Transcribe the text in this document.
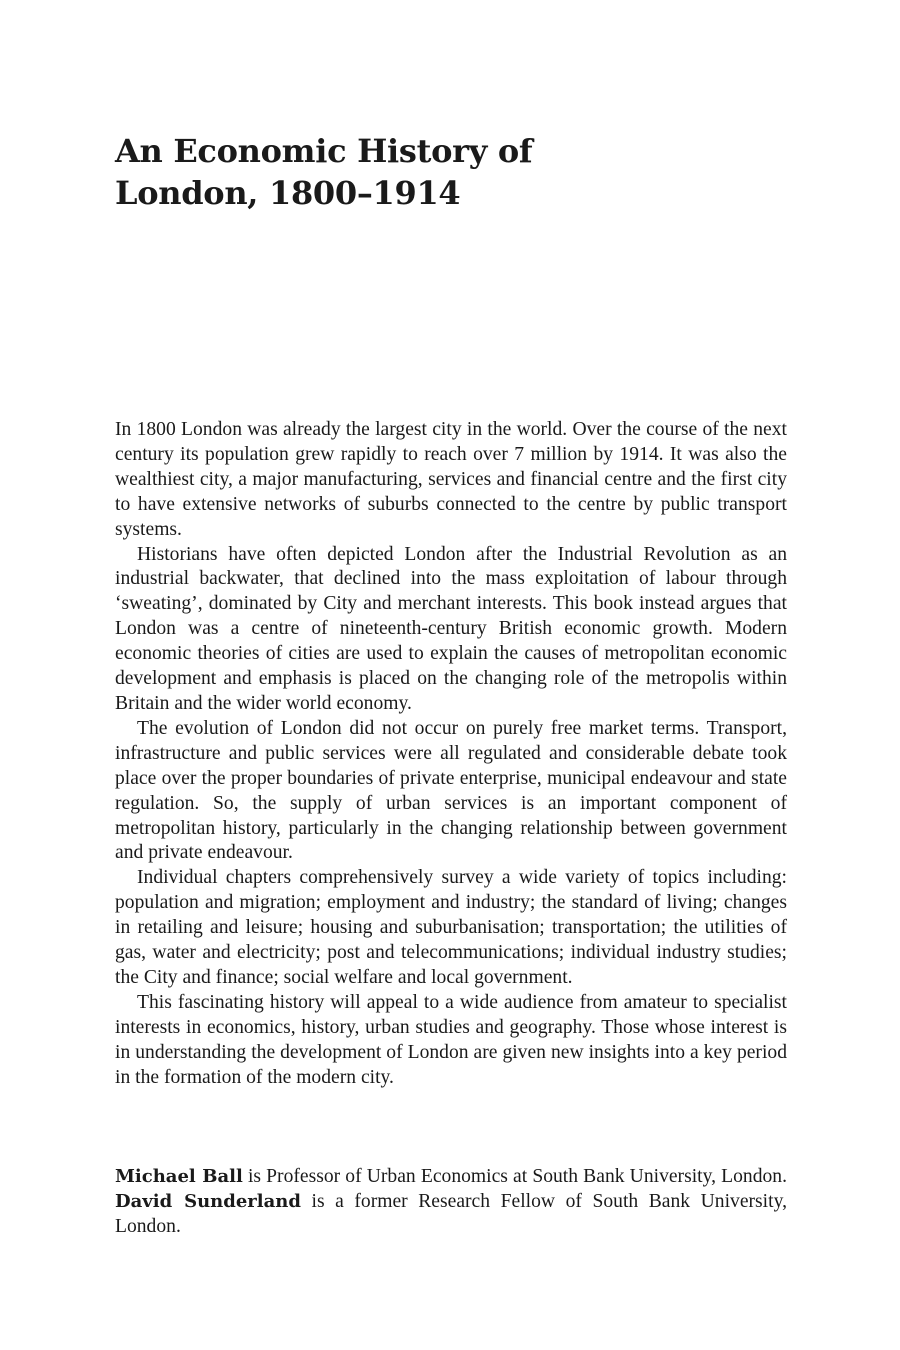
An Economic History of
London, 1800–1914

In 1800 London was already the largest city in the world. Over the course of the next century its population grew rapidly to reach over 7 million by 1914. It was also the wealthiest city, a major manufacturing, services and financial centre and the first city to have extensive networks of suburbs connected to the centre by public transport systems.

Historians have often depicted London after the Industrial Revolution as an industrial backwater, that declined into the mass exploitation of labour through ‘sweating’, dominated by City and merchant interests. This book instead argues that London was a centre of nineteenth-century British economic growth. Modern economic theories of cities are used to explain the causes of metropolitan economic development and emphasis is placed on the changing role of the metropolis within Britain and the wider world economy.

The evolution of London did not occur on purely free market terms. Transport, infrastructure and public services were all regulated and considerable debate took place over the proper boundaries of private enterprise, municipal endeavour and state regulation. So, the supply of urban services is an important component of metropolitan history, particularly in the changing relationship between government and private endeavour.

Individual chapters comprehensively survey a wide variety of topics including: population and migration; employment and industry; the standard of living; changes in retailing and leisure; housing and suburbanisation; transportation; the utilities of gas, water and electricity; post and telecommunications; individual industry studies; the City and finance; social welfare and local government.

This fascinating history will appeal to a wide audience from amateur to specialist interests in economics, history, urban studies and geography. Those whose interest is in understanding the development of London are given new insights into a key period in the formation of the modern city.

Michael Ball is Professor of Urban Economics at South Bank University, London. David Sunderland is a former Research Fellow of South Bank University, London.
